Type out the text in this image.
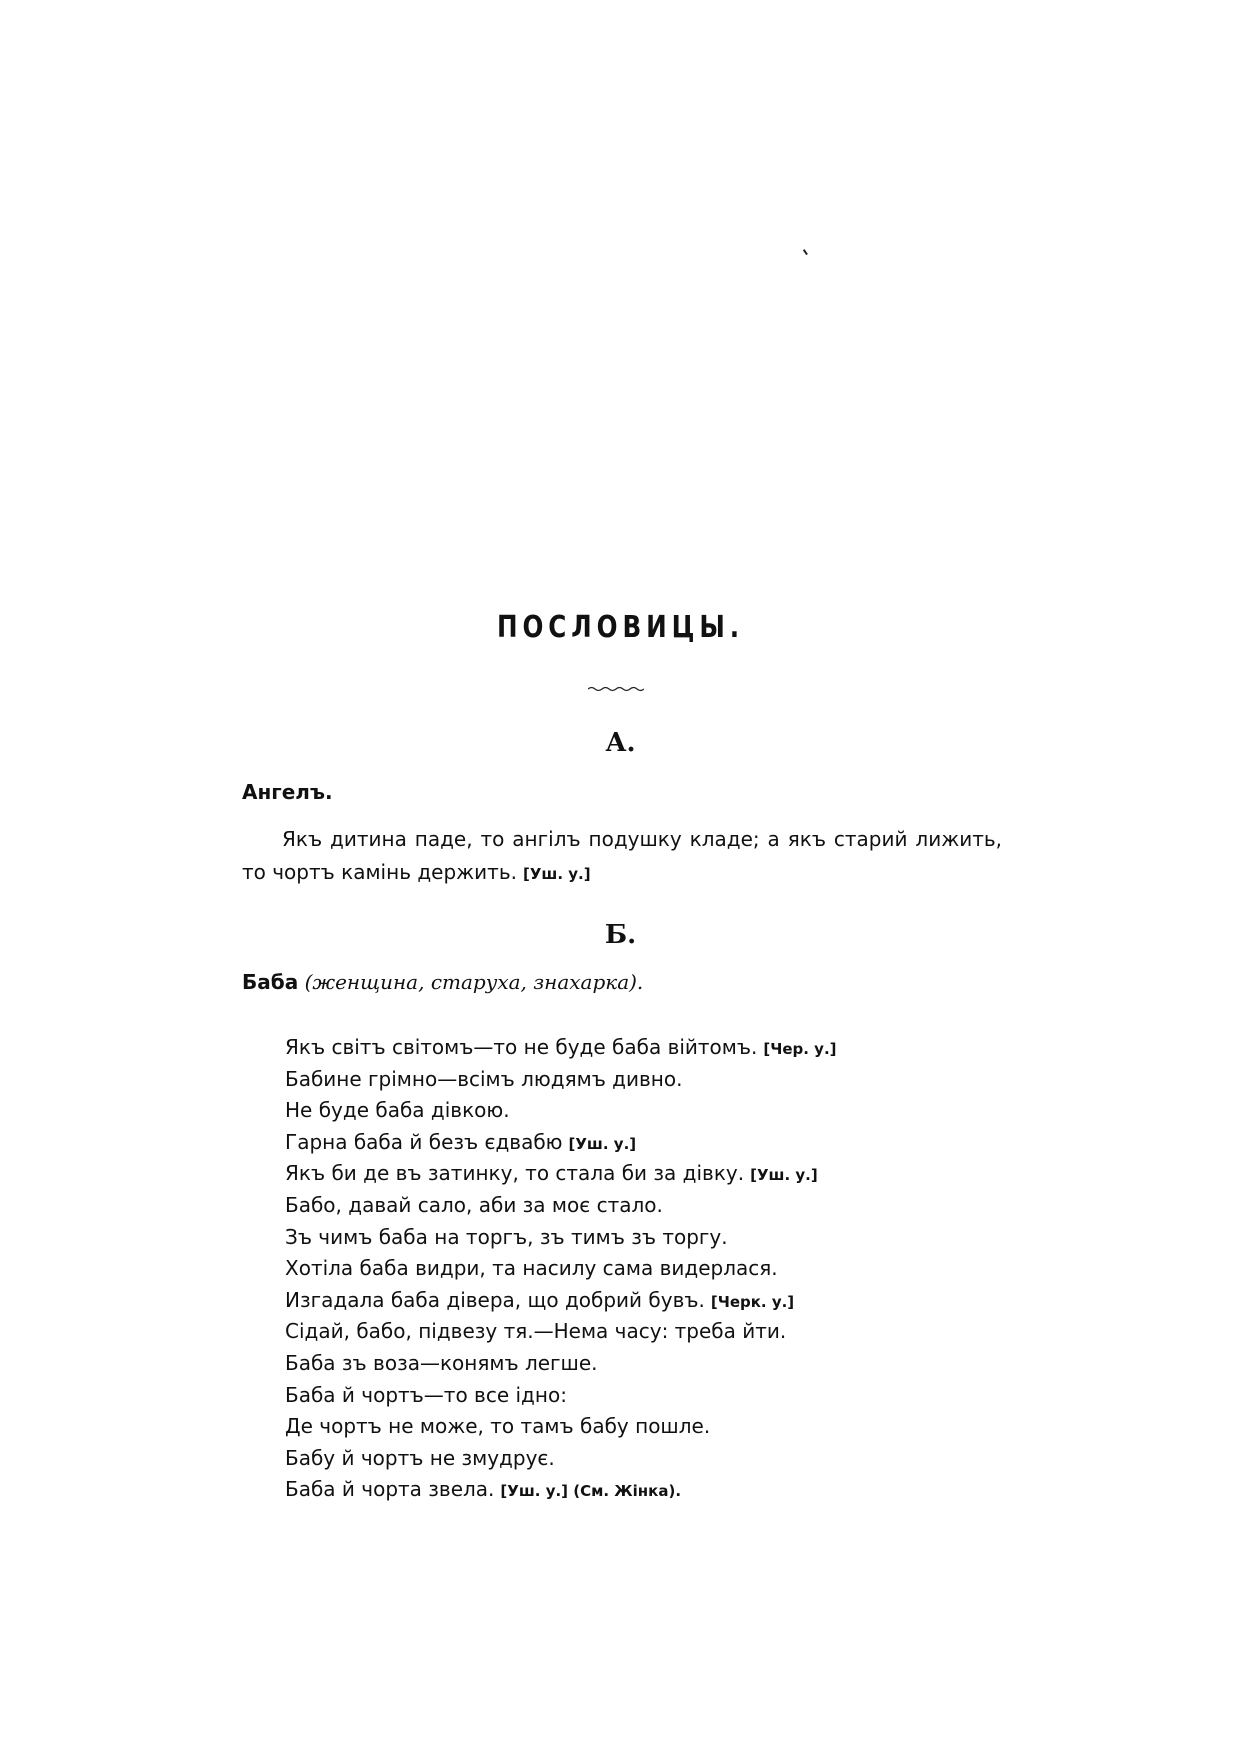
ПОСЛОВИЦЫ.
А.
Ангелъ.
Якъ дитина паде, то ангілъ подушку кладе; а якъ старий лижить, то чортъ камінь держить. [Уш. у.]
Б.
Баба (женщина, старуха, знахарка).
Якъ світъ світомъ—то не буде баба вiйтомъ. [Чер. у.]
Бабине грімно—всімъ людямъ дивно.
Не буде баба дівкою.
Гарна баба й безъ єдвабю [Уш. у.]
Якъ би де въ затинку, то стала би за дівку. [Уш. у.]
Бабо, давай сало, аби за моє стало.
Зъ чимъ баба на торгъ, зъ тимъ зъ торгу.
Хотіла баба видри, та насилу сама видерлася.
Изгадала баба дівера, що добрий бувъ. [Черк. у.]
Сідай, бабо, підвезу тя.—Нема часу: треба йти.
Баба зъ воза—конямъ легше.
Баба й чортъ—то все ідно:
Де чортъ не може, то тамъ бабу пошле.
Бабу й чортъ не змудрує.
Баба й чорта звела. [Уш. у.] (См. Жінка).
